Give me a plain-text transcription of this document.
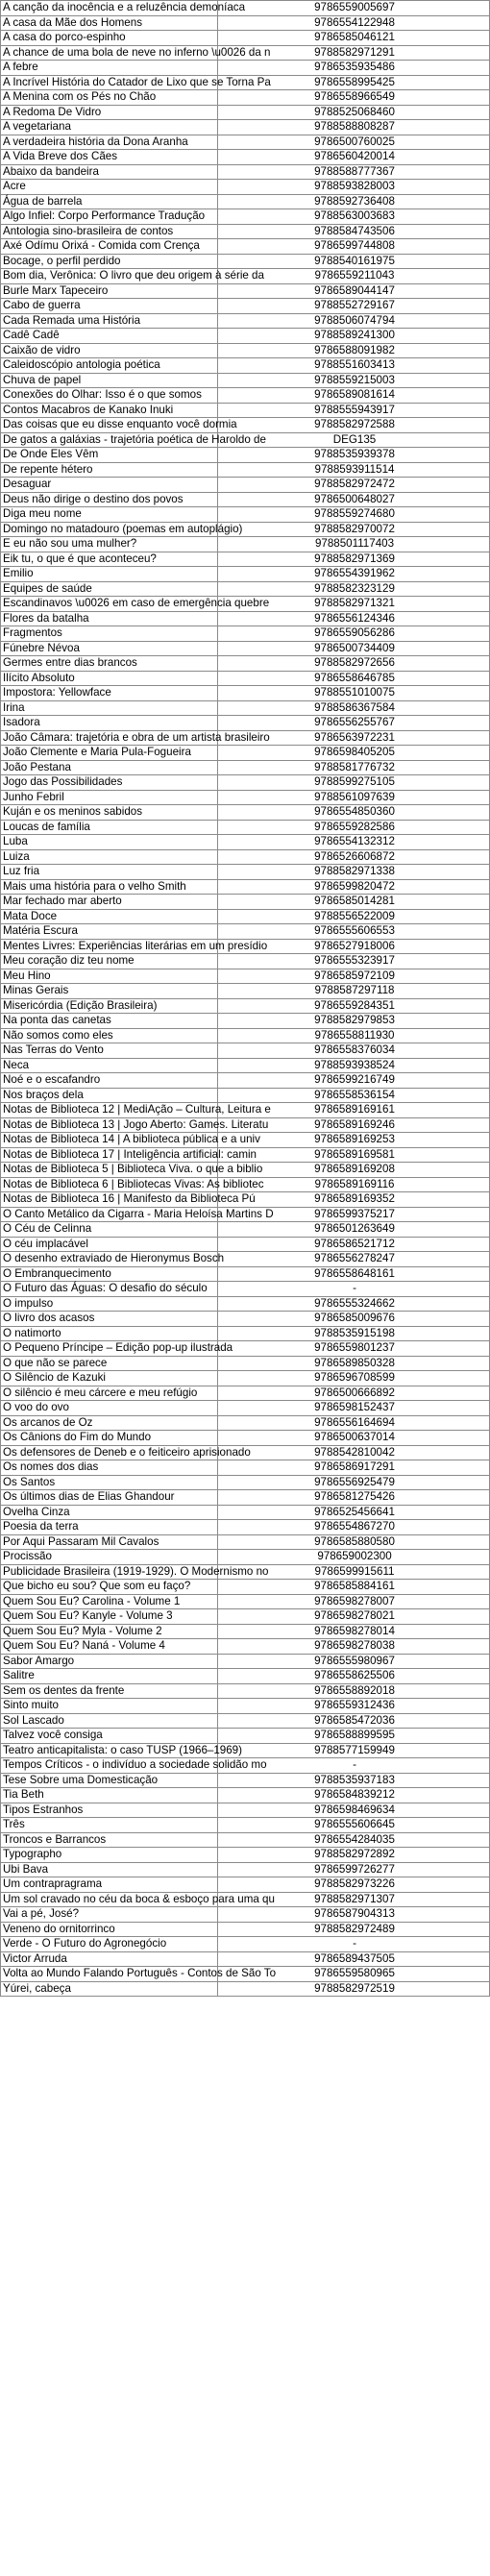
A canção da inocência e a reluzência demoníaca	9786559005697
A casa da Mãe dos Homens	9786554122948
A casa do porco-espinho	9786585046121
A chance de uma bola de neve no inferno \u0026 da n	9788582971291
A febre	9786535935486
A Incrível História do Catador de Lixo que se Torna Pa	9786558995425
A Menina com os Pés no Chão	9786558966549
A Redoma De Vidro	9788525068460
A vegetariana	9788588808287
A verdadeira história da Dona Aranha	9786500760025
A Vida Breve dos Cães	9786560420014
Abaixo da bandeira	9788588777367
Acre	9788593828003
Água de barrela	9788592736408
Algo Infiel: Corpo Performance Tradução	9788563003683
Antologia sino-brasileira de contos	9788584743506
Axé Odímu Orixá - Comida com Crença	9786599744808
Bocage, o perfil perdido	9788540161975
Bom dia, Verônica: O livro que deu origem à série da	9786559211043
Burle Marx Tapeceiro	9786589044147
Cabo de guerra	9788552729167
Cada Remada uma História	9788506074794
Cadê Cadê	9788589241300
Caixão de vidro	9786588091982
Caleidoscópio antologia poética	9788551603413
Chuva de papel	9788559215003
Conexões do Olhar: Isso é o que somos	9786589081614
Contos Macabros de Kanako Inuki	9788555943917
Das coisas que eu disse enquanto você dormia	9788582972588
De gatos a galáxias - trajetória poética de Haroldo de	DEG135
De Onde Eles Vêm	9788535939378
De repente hétero	9788593911514
Desaguar	9788582972472
Deus não dirige o destino dos povos	9786500648027
Diga meu nome	9788559274680
Domingo no matadouro (poemas em autoplágio)	9788582970072
E eu não sou uma mulher?	9788501117403
Eik tu, o que é que aconteceu?	9788582971369
Emilio	9786554391962
Equipes de saúde	9788582323129
Escandinavos \u0026 em caso de emergência quebre	9788582971321
Flores da batalha	9786556124346
Fragmentos	9786559056286
Fúnebre Névoa	9786500734409
Germes entre dias brancos	9788582972656
Ilícito Absoluto	9786558646785
Impostora: Yellowface	9788551010075
Irina	9788586367584
Isadora	9786556255767
João Câmara: trajetória e obra de um artista brasileiro	9786563972231
João Clemente e Maria Pula-Fogueira	9786598405205
João Pestana	9788581776732
Jogo das Possibilidades	9788599275105
Junho Febril	9788561097639
Kuján e os meninos sabidos	9786554850360
Loucas de família	9786559282586
Luba	9786554132312
Luiza	9786526606872
Luz fria	9788582971338
Mais uma história para o velho Smith	9786599820472
Mar fechado mar aberto	9786585014281
Mata Doce	9788556522009
Matéria Escura	9786555606553
Mentes Livres: Experiências literárias em um presídio	9786527918006
Meu coração diz teu nome	9786555323917
Meu Hino	9786585972109
Minas Gerais	9788587297118
Misericórdia (Edição Brasileira)	9786559284351
Na ponta das canetas	9788582979853
Não somos como eles	9786558811930
Nas Terras do Vento	9786558376034
Neca	9788593938524
Noé e o escafandro	9786599216749
Nos braços dela	9786558536154
Notas de Biblioteca 12 | MediAção – Cultura, Leitura e	9786589169161
Notas de Biblioteca 13 | Jogo Aberto: Games. Literatu	9786589169246
Notas de Biblioteca 14 | A biblioteca pública e a univ	9786589169253
Notas de Biblioteca 17 | Inteligência artificial: camin	9786589169581
Notas de Biblioteca 5 | Biblioteca Viva. o que a biblio	9786589169208
Notas de Biblioteca 6 | Bibliotecas Vivas: As bibliotec	9786589169116
Notas de Biblioteca 16 | Manifesto da Biblioteca Pú	9786589169352
O Canto Metálico da Cigarra - Maria Heloísa Martins D	9786599375217
O Céu de Celinna	9786501263649
O céu implacável	9786586521712
O desenho extraviado de Hieronymus Bosch	9786556278247
O Embranquecimento	9786558648161
O Futuro das Águas: O desafio do século	-
O impulso	9786555324662
O livro dos acasos	9786585009676
O natimorto	9788535915198
O Pequeno Príncipe – Edição pop-up ilustrada	9786559801237
O que não se parece	9786589850328
O Silêncio de Kazuki	9786596708599
O silêncio é meu cárcere e meu refúgio	9786500666892
O voo do ovo	9786598152437
Os arcanos de Oz	9786556164694
Os Cânions do Fim do Mundo	9786500637014
Os defensores de Deneb e o feiticeiro aprisionado	9788542810042
Os nomes dos dias	9786586917291
Os Santos	9786556925479
Os últimos dias de Elias Ghandour	9786581275426
Ovelha Cinza	9786525456641
Poesia da terra	9786554867270
Por Aqui Passaram Mil Cavalos	9786585880580
Procissão	978659002300
Publicidade Brasileira (1919-1929). O Modernismo no	9786599915611
Que bicho eu sou? Que som eu faço?	9786585884161
Quem Sou Eu? Carolina - Volume 1	9786598278007
Quem Sou Eu? Kanyle - Volume 3	9786598278021
Quem Sou Eu? Myla - Volume 2	9786598278014
Quem Sou Eu? Naná - Volume 4	9786598278038
Sabor Amargo	9786555980967
Salitre	9786558625506
Sem os dentes da frente	9786558892018
Sinto muito	9786559312436
Sol Lascado	9786585472036
Talvez você consiga	9786588899595
Teatro anticapitalista: o caso TUSP (1966–1969)	9788577159949
Tempos Críticos - o indivíduo a sociedade solidão mo	-
Tese Sobre uma Domesticação	9788535937183
Tia Beth	9786584839212
Tipos Estranhos	9786598469634
Três	9786555606645
Troncos e Barrancos	9786554284035
Typographo	9788582972892
Ubi Bava	9786599726277
Um contrapragrama	9788582973226
Um sol cravado no céu da boca & esboço para uma qu	9788582971307
Vai a pé, José?	9786587904313
Veneno do ornitorrinco	9788582972489
Verde - O Futuro do Agronegócio	-
Victor Arruda	9786589437505
Volta ao Mundo Falando Português - Contos de São To	9786559580965
Yúrei, cabeça	9788582972519
